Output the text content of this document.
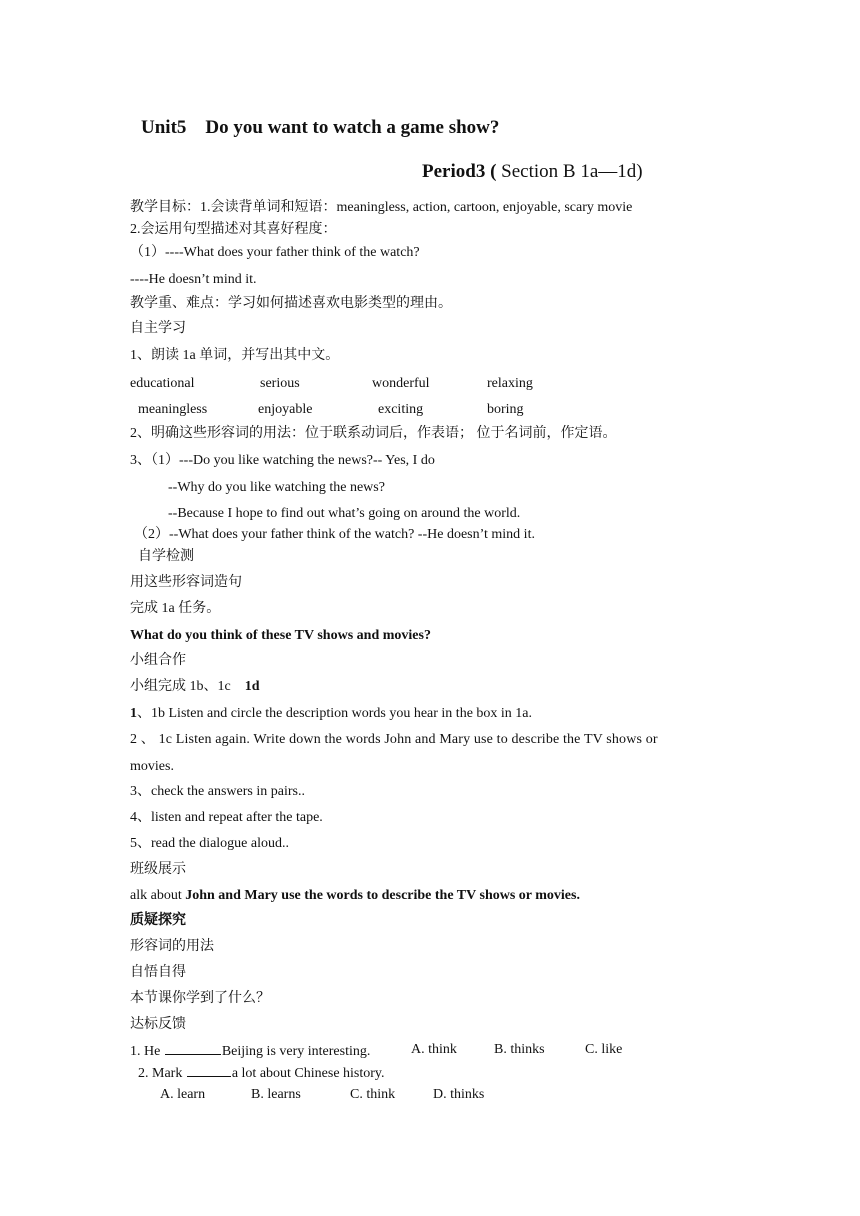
Unit5 Do you want to watch a game show?
Period3 ( Section B 1a—1d)
教学目标：1.会读背单词和短语：meaningless, action, cartoon, enjoyable, scary movie
2.会运用句型描述对其喜好程度：
（1）----What does your father think of the watch?
----He doesn’t mind it.
教学重、难点：学习如何描述喜欢电影类型的理由。
自主学习
1、朗读 1a 单词，并写出其中文。
educational	serious	wonderful	relaxing
meaningless	enjoyable	exciting	boring
2、明确这些形容词的用法：位于联系动词后，作表语； 位于名词前，作定语。
3、（1）---Do you like watching the news?-- Yes, I do
--Why do you like watching the news?
--Because I hope to find out what’s going on around the world.
（2）--What does your father think of the watch? --He doesn’t mind it.
自学检测
用这些形容词造句
完成 1a 任务。
What do you think of these TV shows and movies?
小组合作
小组完成 1b、1c 1d
1、1b Listen and circle the description words you hear in the box in 1a.
2 、 1c Listen again. Write down the words John and Mary use to describe the TV shows or
movies.
3、check the answers in pairs..
4、listen and repeat after the tape.
5、read the dialogue aloud..
班级展示
alk about John and Mary use the words to describe the TV shows or movies.
质疑探究
形容词的用法
自悟自得
本节课你学到了什么？
达标反馈
1. He	Beijing is very interesting.	A. think	B. thinks	C. like
2. Mark	a lot about Chinese history.
A. learn	B. learns	C. think	D. thinks
